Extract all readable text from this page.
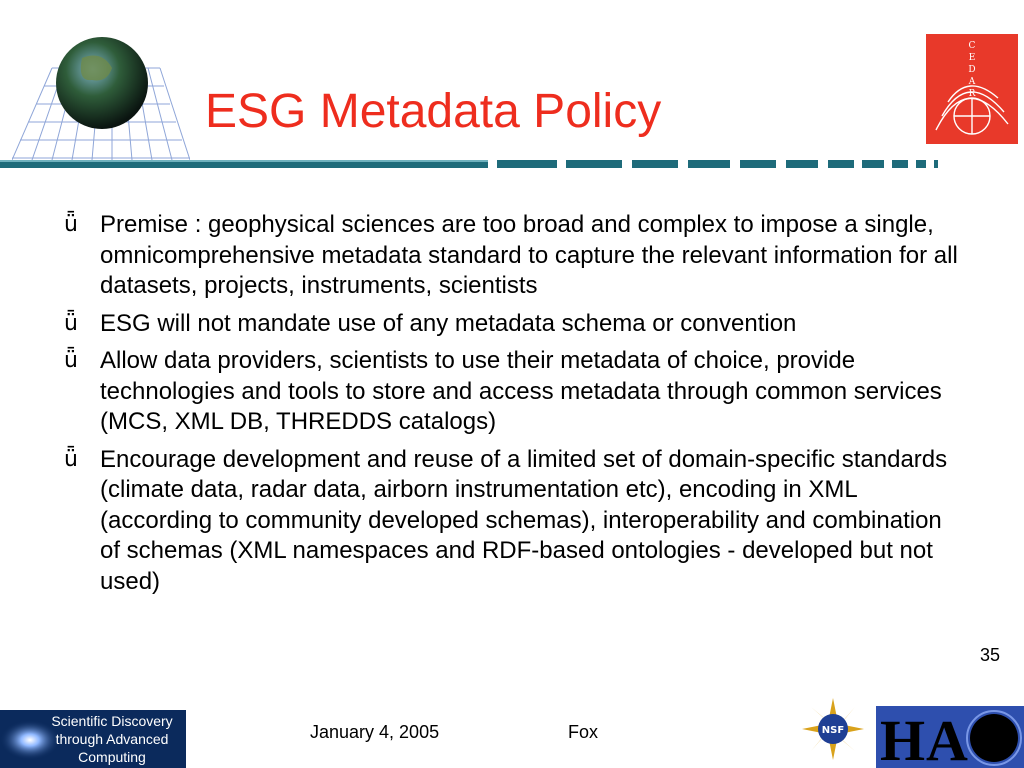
ESG Metadata Policy
C
E
D
A
R
ǖ Premise : geophysical sciences are too broad and complex to impose a single, omnicomprehensive metadata standard to capture the relevant information for all datasets, projects, instruments, scientists
ǖ ESG will not mandate use of any metadata schema or convention
ǖ Allow data providers, scientists to use their metadata of choice, provide technologies and tools to store and access metadata through common services (MCS, XML DB, THREDDS catalogs)
ǖ Encourage development and reuse of a limited set of domain-specific standards (climate data, radar data, airborn instrumentation etc), encoding in XML (according to community developed schemas), interoperability and combination of schemas (XML namespaces and RDF-based ontologies - developed but not used)
35
Scientific Discovery
through Advanced
Computing
January 4, 2005	Fox	NSF H A
